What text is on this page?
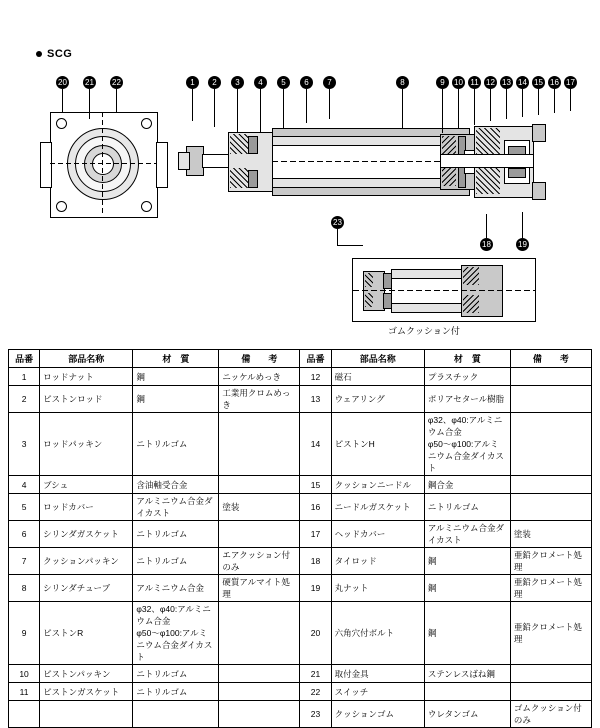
SCG
20 21 22	1	2	3	4	5	6	7	8	9	10 11 12 13 14 15 16 17
18	19
23
ゴムクッション付
品番	部品名称	材　質	備　　考	品番	部品名称	材　質	備　　考
1	ロッドナット	鋼	ニッケルめっき	12	磁石	プラスチック	
2	ピストンロッド	鋼	工業用クロムめっき	13	ウェアリング	ポリアセタール樹脂	
3	ロッドパッキン	ニトリルゴム		14	ピストンH	φ32、φ40:アルミニウム合金
φ50〜φ100:アルミニウム合金ダイカスト	
4	ブシュ	含油軸受合金		15	クッションニードル	鋼合金	
5	ロッドカバー	アルミニウム合金ダイカスト	塗装	16	ニードルガスケット	ニトリルゴム	
6	シリンダガスケット	ニトリルゴム		17	ヘッドカバー	アルミニウム合金ダイカスト	塗装
7	クッションパッキン	ニトリルゴム	エアクッション付のみ	18	タイロッド	鋼	亜鉛クロメート処理
8	シリンダチューブ	アルミニウム合金	硬質アルマイト処理	19	丸ナット	鋼	亜鉛クロメート処理
9	ピストンR	φ32、φ40:アルミニウム合金
φ50〜φ100:アルミニウム合金ダイカスト		20	六角穴付ボルト	鋼	亜鉛クロメート処理
10	ピストンパッキン	ニトリルゴム		21	取付金具	ステンレスばね鋼	
11	ピストンガスケット	ニトリルゴム		22	スイッチ		
				23	クッションゴム	ウレタンゴム	ゴムクッション付のみ
